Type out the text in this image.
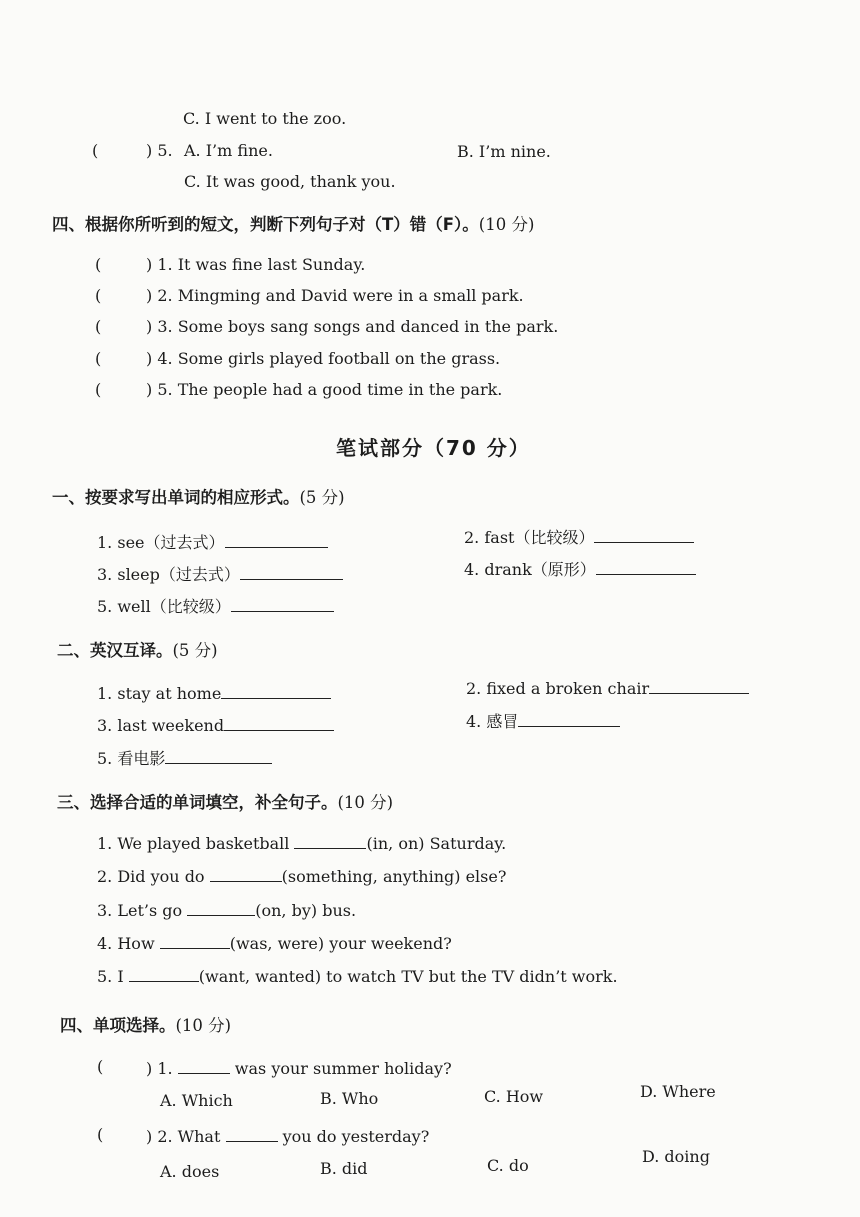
C. I went to the zoo.
(	) 5. A. I’m fine.	B. I’m nine.
C. It was good, thank you.
四、根据你所听到的短文，判断下列句子对（T）错（F）。(10 分)
(	) 1. It was fine last Sunday.
(	) 2. Mingming and David were in a small park.
(	) 3. Some boys sang songs and danced in the park.
(	) 4. Some girls played football on the grass.
(	) 5. The people had a good time in the park.
笔试部分（70 分）
一、按要求写出单词的相应形式。(5 分)
1. see（过去式）	2. fast（比较级）
3. sleep（过去式）	4. drank（原形）
5. well（比较级）
二、英汉互译。(5 分)
1. stay at home	2. fixed a broken chair
3. last weekend	4. 感冒
5. 看电影
三、选择合适的单词填空，补全句子。(10 分)
1. We played basketball	(in, on) Saturday.
2. Did you do	(something, anything) else?
3. Let’s go	(on, by) bus.
4. How	(was, were) your weekend?
5. I	(want, wanted) to watch TV but the TV didn’t work.
四、单项选择。(10 分)
(	) 1.	was your summer holiday?
A. Which	B. Who	C. How	D. Where
(	) 2. What	you do yesterday?
A. does	B. did	C. do	D. doing
